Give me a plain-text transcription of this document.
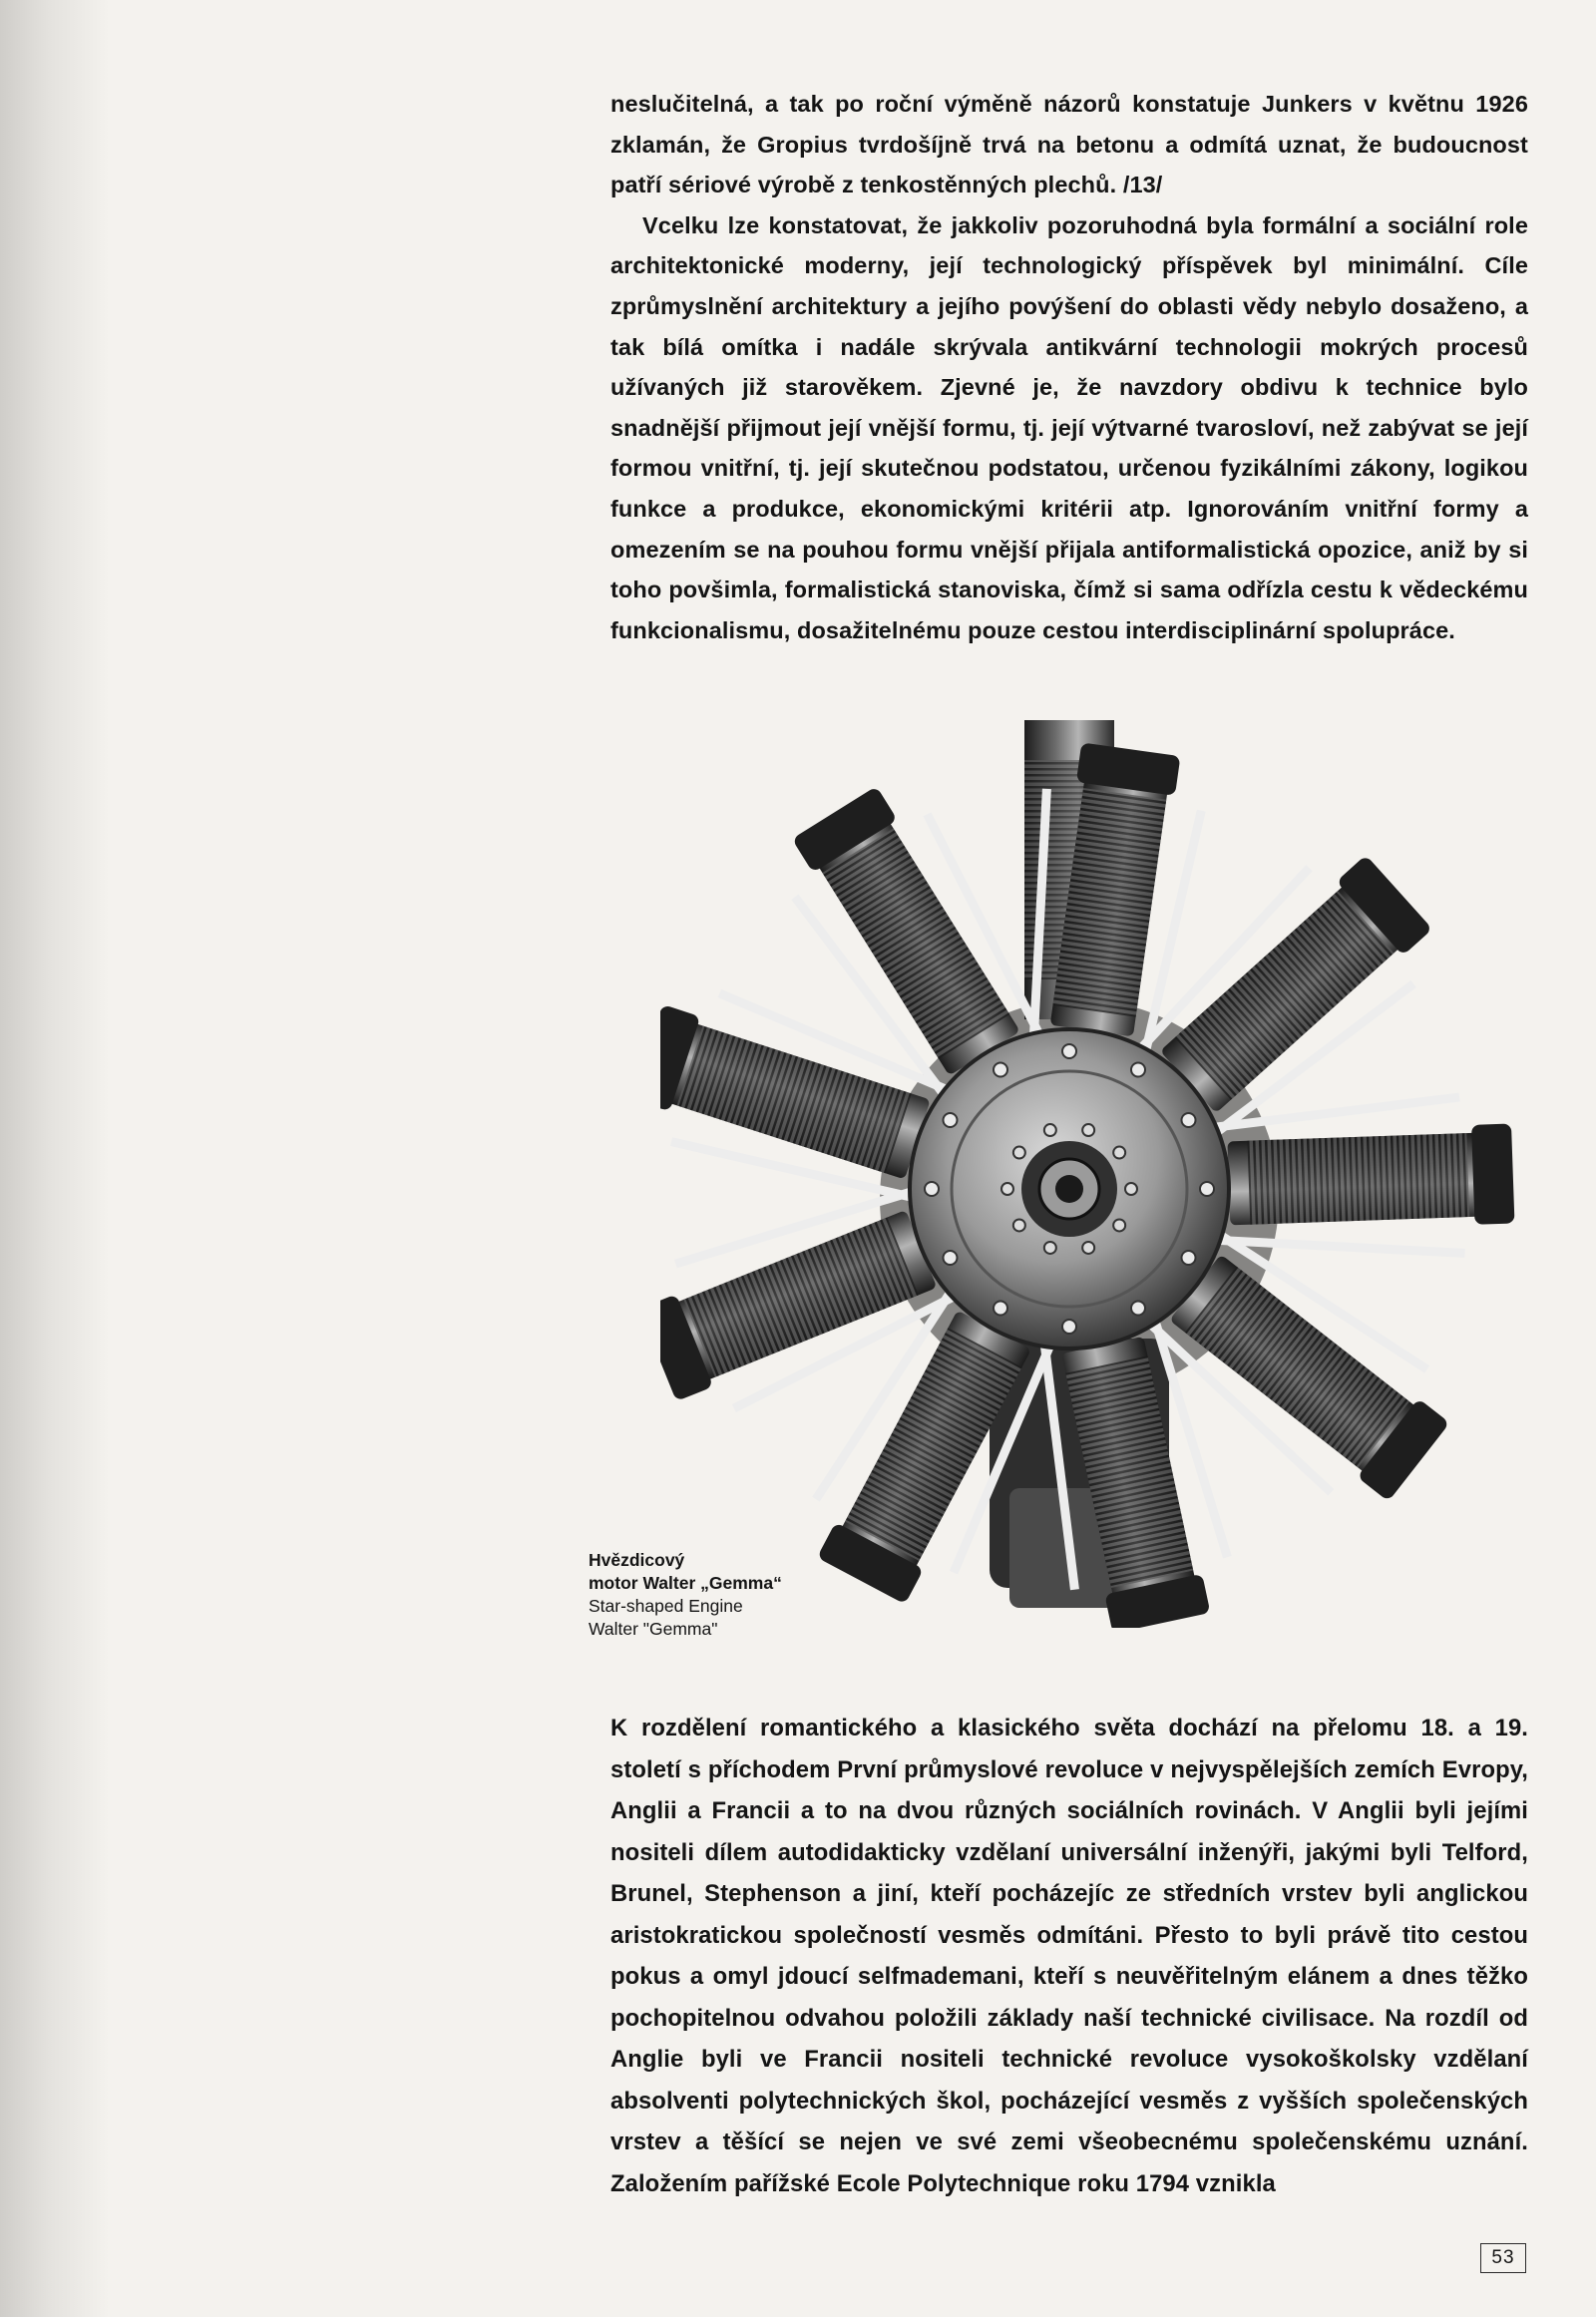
neslučitelná, a tak po roční výměně názorů konstatuje Junkers v květnu 1926 zklamán, že Gropius tvrdošíjně trvá na betonu a odmítá uznat, že budoucnost patří sériové výrobě z tenkostěnných plechů. /13/

Vcelku lze konstatovat, že jakkoliv pozoruhodná byla formální a sociální role architektonické moderny, její technologický příspěvek byl minimální. Cíle zprůmyslnění architektury a jejího povýšení do oblasti vědy nebylo dosaženo, a tak bílá omítka i nadále skrývala antikvární technologii mokrých procesů užívaných již starověkem. Zjevné je, že navzdory obdivu k technice bylo snadnější přijmout její vnější formu, tj. její výtvarné tvarosloví, než zabývat se její formou vnitřní, tj. její skutečnou podstatou, určenou fyzikálními zákony, logikou funkce a produkce, ekonomickými kritérii atp. Ignorováním vnitřní formy a omezením se na pouhou formu vnější přijala antiformalistická opozice, aniž by si toho povšimla, formalistická stanoviska, čímž si sama odřízla cestu k vědeckému funkcionalismu, dosažitelnému pouze cestou interdisciplinární spolupráce.

Hvězdicový
motor Walter „Gemma“
Star-shaped Engine
Walter "Gemma"

K rozdělení romantického a klasického světa dochází na přelomu 18. a 19. století s příchodem První průmyslové revoluce v nejvyspělejších zemích Evropy, Anglii a Francii a to na dvou různých sociálních rovinách. V Anglii byli jejími nositeli dílem autodidakticky vzdělaní universální inženýři, jakými byli Telford, Brunel, Stephenson a jiní, kteří pocházejíc ze středních vrstev byli anglickou aristokratickou společností vesměs odmítáni. Přesto to byli právě tito cestou pokus a omyl jdoucí selfmademani, kteří s neuvěřitelným elánem a dnes těžko pochopitelnou odvahou položili základy naší technické civilisace. Na rozdíl od Anglie byli ve Francii nositeli technické revoluce vysokoškolsky vzdělaní absolventi polytechnických škol, pocházející vesměs z vyšších společenských vrstev a těšící se nejen ve své zemi všeobecnému společenskému uznání. Založením pařížské Ecole Polytechnique roku 1794 vznikla

53
